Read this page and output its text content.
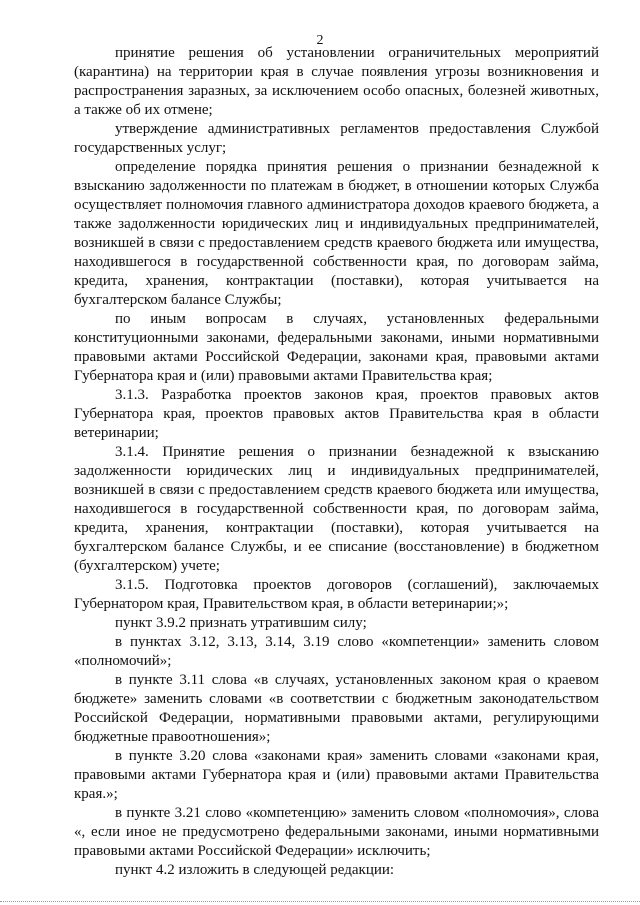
2

принятие решения об установлении ограничительных мероприятий (карантина) на территории края в случае появления угрозы возникновения и распространения заразных, за исключением особо опасных, болезней животных, а также об их отмене;

утверждение административных регламентов предоставления Службой государственных услуг;

определение порядка принятия решения о признании безнадежной к взысканию задолженности по платежам в бюджет, в отношении которых Служба осуществляет полномочия главного администратора доходов краевого бюджета, а также задолженности юридических лиц и индивидуальных предпринимателей, возникшей в связи с предоставлением средств краевого бюджета или имущества, находившегося в государственной собственности края, по договорам займа, кредита, хранения, контрактации (поставки), которая учитывается на бухгалтерском балансе Службы;

по иным вопросам в случаях, установленных федеральными конституционными законами, федеральными законами, иными нормативными правовыми актами Российской Федерации, законами края, правовыми актами Губернатора края и (или) правовыми актами Правительства края;

3.1.3. Разработка проектов законов края, проектов правовых актов Губернатора края, проектов правовых актов Правительства края в области ветеринарии;

3.1.4. Принятие решения о признании безнадежной к взысканию задолженности юридических лиц и индивидуальных предпринимателей, возникшей в связи с предоставлением средств краевого бюджета или имущества, находившегося в государственной собственности края, по договорам займа, кредита, хранения, контрактации (поставки), которая учитывается на бухгалтерском балансе Службы, и ее списание (восстановление) в бюджетном (бухгалтерском) учете;

3.1.5. Подготовка проектов договоров (соглашений), заключаемых Губернатором края, Правительством края, в области ветеринарии;»;

пункт 3.9.2 признать утратившим силу;

в пунктах 3.12, 3.13, 3.14, 3.19 слово «компетенции» заменить словом «полномочий»;

в пункте 3.11 слова «в случаях, установленных законом края о краевом бюджете» заменить словами «в соответствии с бюджетным законодательством Российской Федерации, нормативными правовыми актами, регулирующими бюджетные правоотношения»;

в пункте 3.20 слова «законами края» заменить словами «законами края, правовыми актами Губернатора края и (или) правовыми актами Правительства края.»;

в пункте 3.21 слово «компетенцию» заменить словом «полномочия», слова «, если иное не предусмотрено федеральными законами, иными нормативными правовыми актами Российской Федерации» исключить;

пункт 4.2 изложить в следующей редакции:
